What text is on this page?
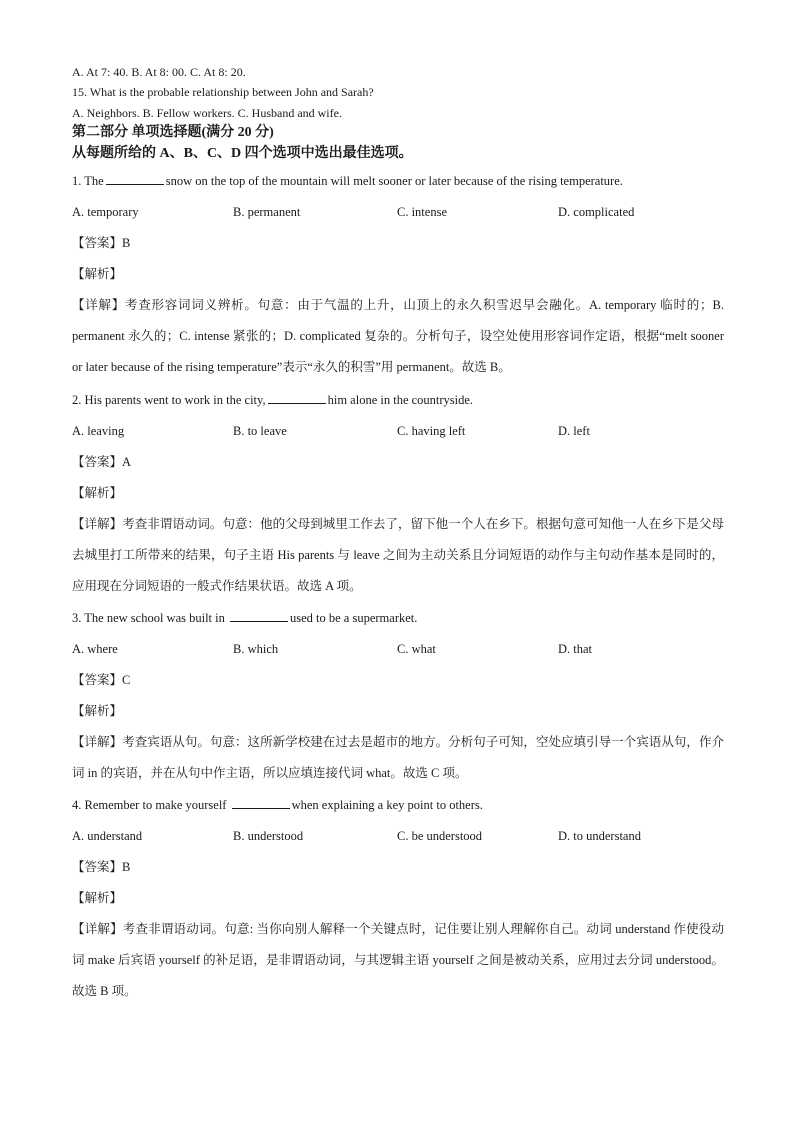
A. At 7: 40. B. At 8: 00. C. At 8: 20.
15. What is the probable relationship between John and Sarah?
A. Neighbors. B. Fellow workers. C. Husband and wife.
第二部分 单项选择题(满分 20 分)
从每题所给的 A、B、C、D 四个选项中选出最佳选项。
1. The	snow on the top of the mountain will melt sooner or later because of the rising temperature.
A. temporary	B. permanent	C. intense	D. complicated
【答案】B
【解析】
【详解】考查形容词词义辨析。句意：由于气温的上升，山顶上的永久积雪迟早会融化。A. temporary 临时的；B. permanent 永久的；C. intense 紧张的；D. complicated 复杂的。分析句子，设空处使用形容词作定语，根据“melt sooner or later because of the rising temperature”表示“永久的积雪”用 permanent。故选 B。
2. His parents went to work in the city,	him alone in the countryside.
A. leaving	B. to leave	C. having left	D. left
【答案】A
【解析】
【详解】考查非谓语动词。句意：他的父母到城里工作去了，留下他一个人在乡下。根据句意可知他一人在乡下是父母去城里打工所带来的结果，句子主语 His parents 与 leave 之间为主动关系且分词短语的动作与主句动作基本是同时的，应用现在分词短语的一般式作结果状语。故选 A 项。
3. The new school was built in	used to be a supermarket.
A. where	B. which	C. what	D. that
【答案】C
【解析】
【详解】考查宾语从句。句意：这所新学校建在过去是超市的地方。分析句子可知，空处应填引导一个宾语从句，作介词 in 的宾语，并在从句中作主语，所以应填连接代词 what。故选 C 项。
4. Remember to make yourself	when explaining a key point to others.
A. understand	B. understood	C. be understood	D. to understand
【答案】B
【解析】
【详解】考查非谓语动词。句意: 当你向别人解释一个关键点时，记住要让别人理解你自己。动词 understand 作使役动词 make 后宾语 yourself 的补足语，是非谓语动词，与其逻辑主语 yourself 之间是被动关系，应用过去分词 understood。故选 B 项。
